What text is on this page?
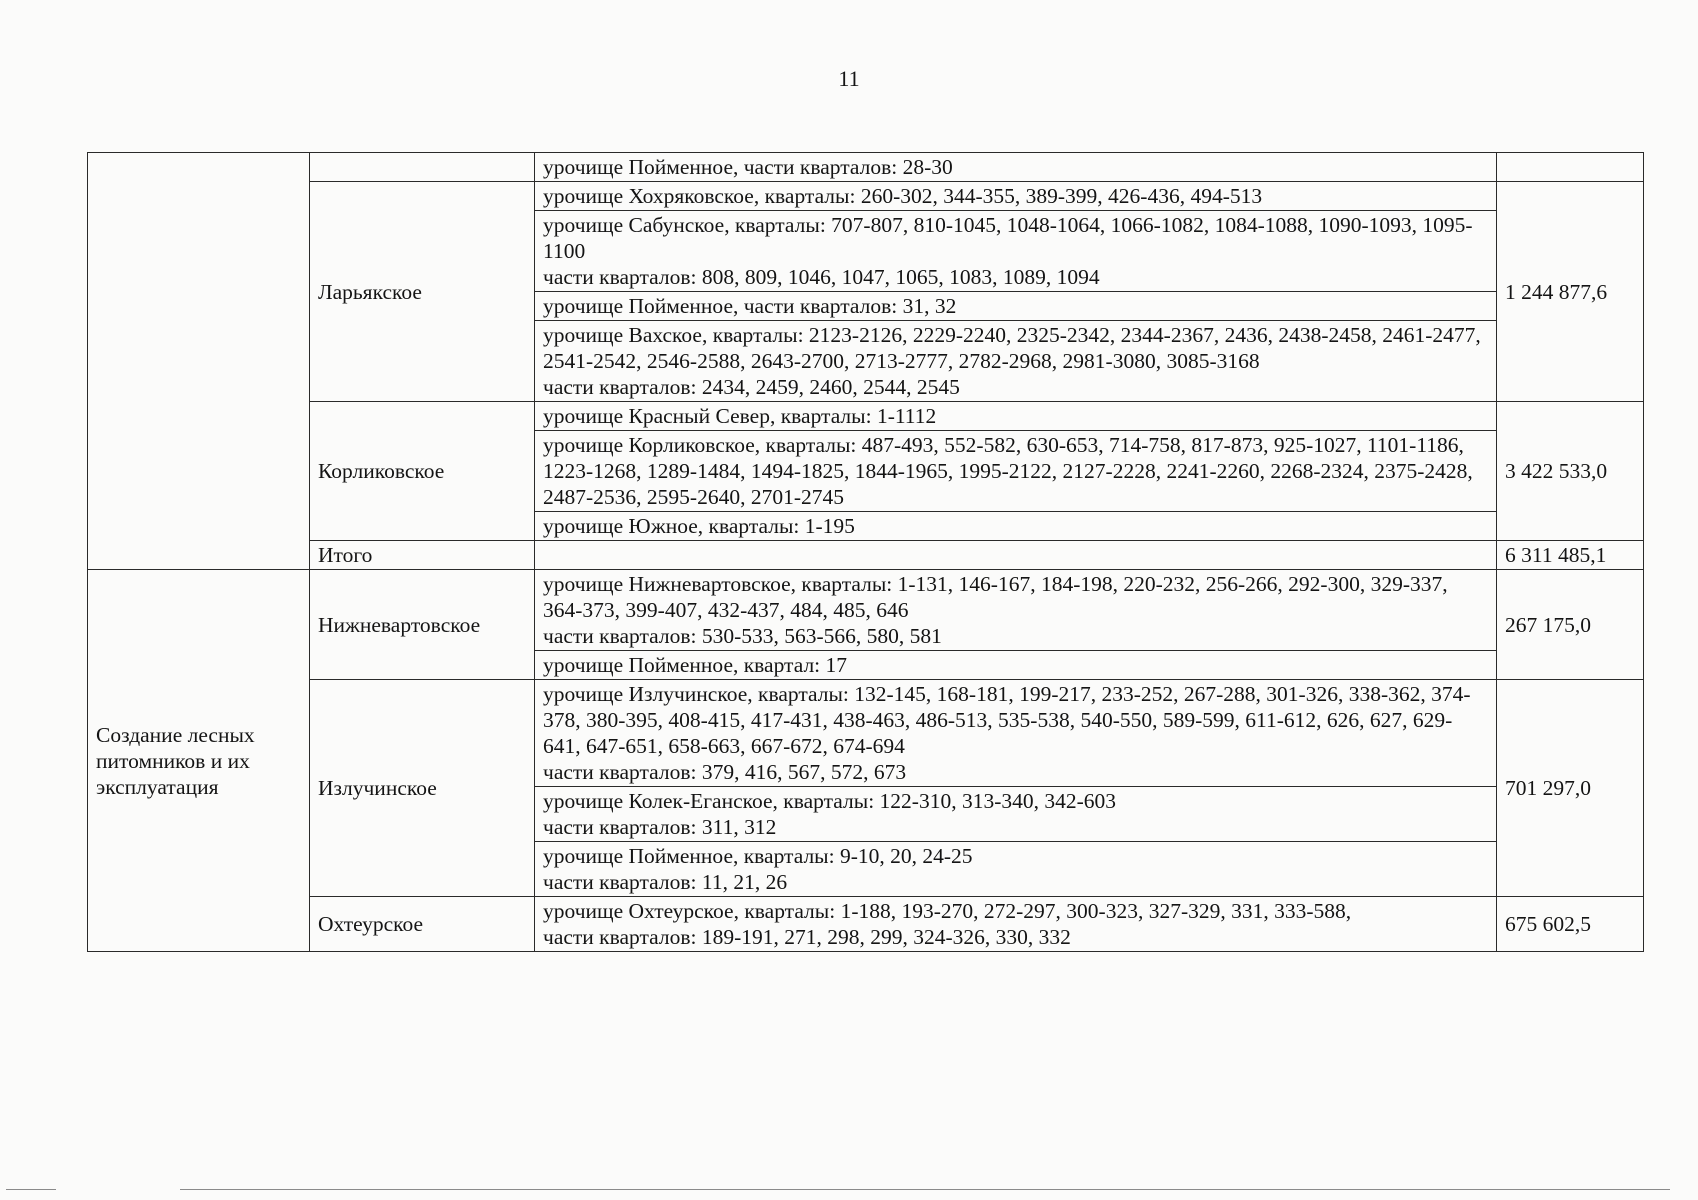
11
		урочище Пойменное, части кварталов: 28-30	
	Ларьякское	урочище Хохряковское, кварталы: 260-302, 344-355, 389-399, 426-436, 494-513	1 244 877,6

		урочище Сабунское, кварталы: 707-807, 810-1045, 1048-1064, 1066-1082, 1084-1088, 1090-1093, 1095-1100
части кварталов: 808, 809, 1046, 1047, 1065, 1083, 1089, 1094	

		урочище Пойменное, части кварталов: 31, 32	

		урочище Вахское, кварталы: 2123-2126, 2229-2240, 2325-2342, 2344-2367, 2436, 2438-2458, 2461-2477, 2541-2542, 2546-2588, 2643-2700, 2713-2777, 2782-2968, 2981-3080, 3085-3168
части кварталов: 2434, 2459, 2460, 2544, 2545	

	Корликовское	урочище Красный Север, кварталы: 1-1112	3 422 533,0
		урочище Корликовское, кварталы: 487-493, 552-582, 630-653, 714-758, 817-873, 925-1027, 1101-1186, 1223-1268, 1289-1484, 1494-1825, 1844-1965, 1995-2122, 2127-2228, 2241-2260, 2268-2324, 2375-2428, 2487-2536, 2595-2640, 2701-2745	
		урочище Южное, кварталы: 1-195	
	Итого		6 311 485,1
Создание лесных питомников и их эксплуатация	Нижневартовское	урочище Нижневартовское, кварталы: 1-131, 146-167, 184-198, 220-232, 256-266, 292-300, 329-337, 364-373, 399-407, 432-437, 484, 485, 646
части кварталов: 530-533, 563-566, 580, 581	267 175,0
		урочище Пойменное, квартал: 17	
	Излучинское	урочище Излучинское, кварталы: 132-145, 168-181, 199-217, 233-252, 267-288, 301-326, 338-362, 374-378, 380-395, 408-415, 417-431, 438-463, 486-513, 535-538, 540-550, 589-599, 611-612, 626, 627, 629-641, 647-651, 658-663, 667-672, 674-694
части кварталов: 379, 416, 567, 572, 673	701 297,0

		урочище Колек-Еганское, кварталы: 122-310, 313-340, 342-603
части кварталов: 311, 312	

		урочище Пойменное, кварталы: 9-10, 20, 24-25
части кварталов: 11, 21, 26	

	Охтеурское	урочище Охтеурское, кварталы: 1-188, 193-270, 272-297, 300-323, 327-329, 331, 333-588,
части кварталов: 189-191, 271, 298, 299, 324-326, 330, 332	675 602,5
